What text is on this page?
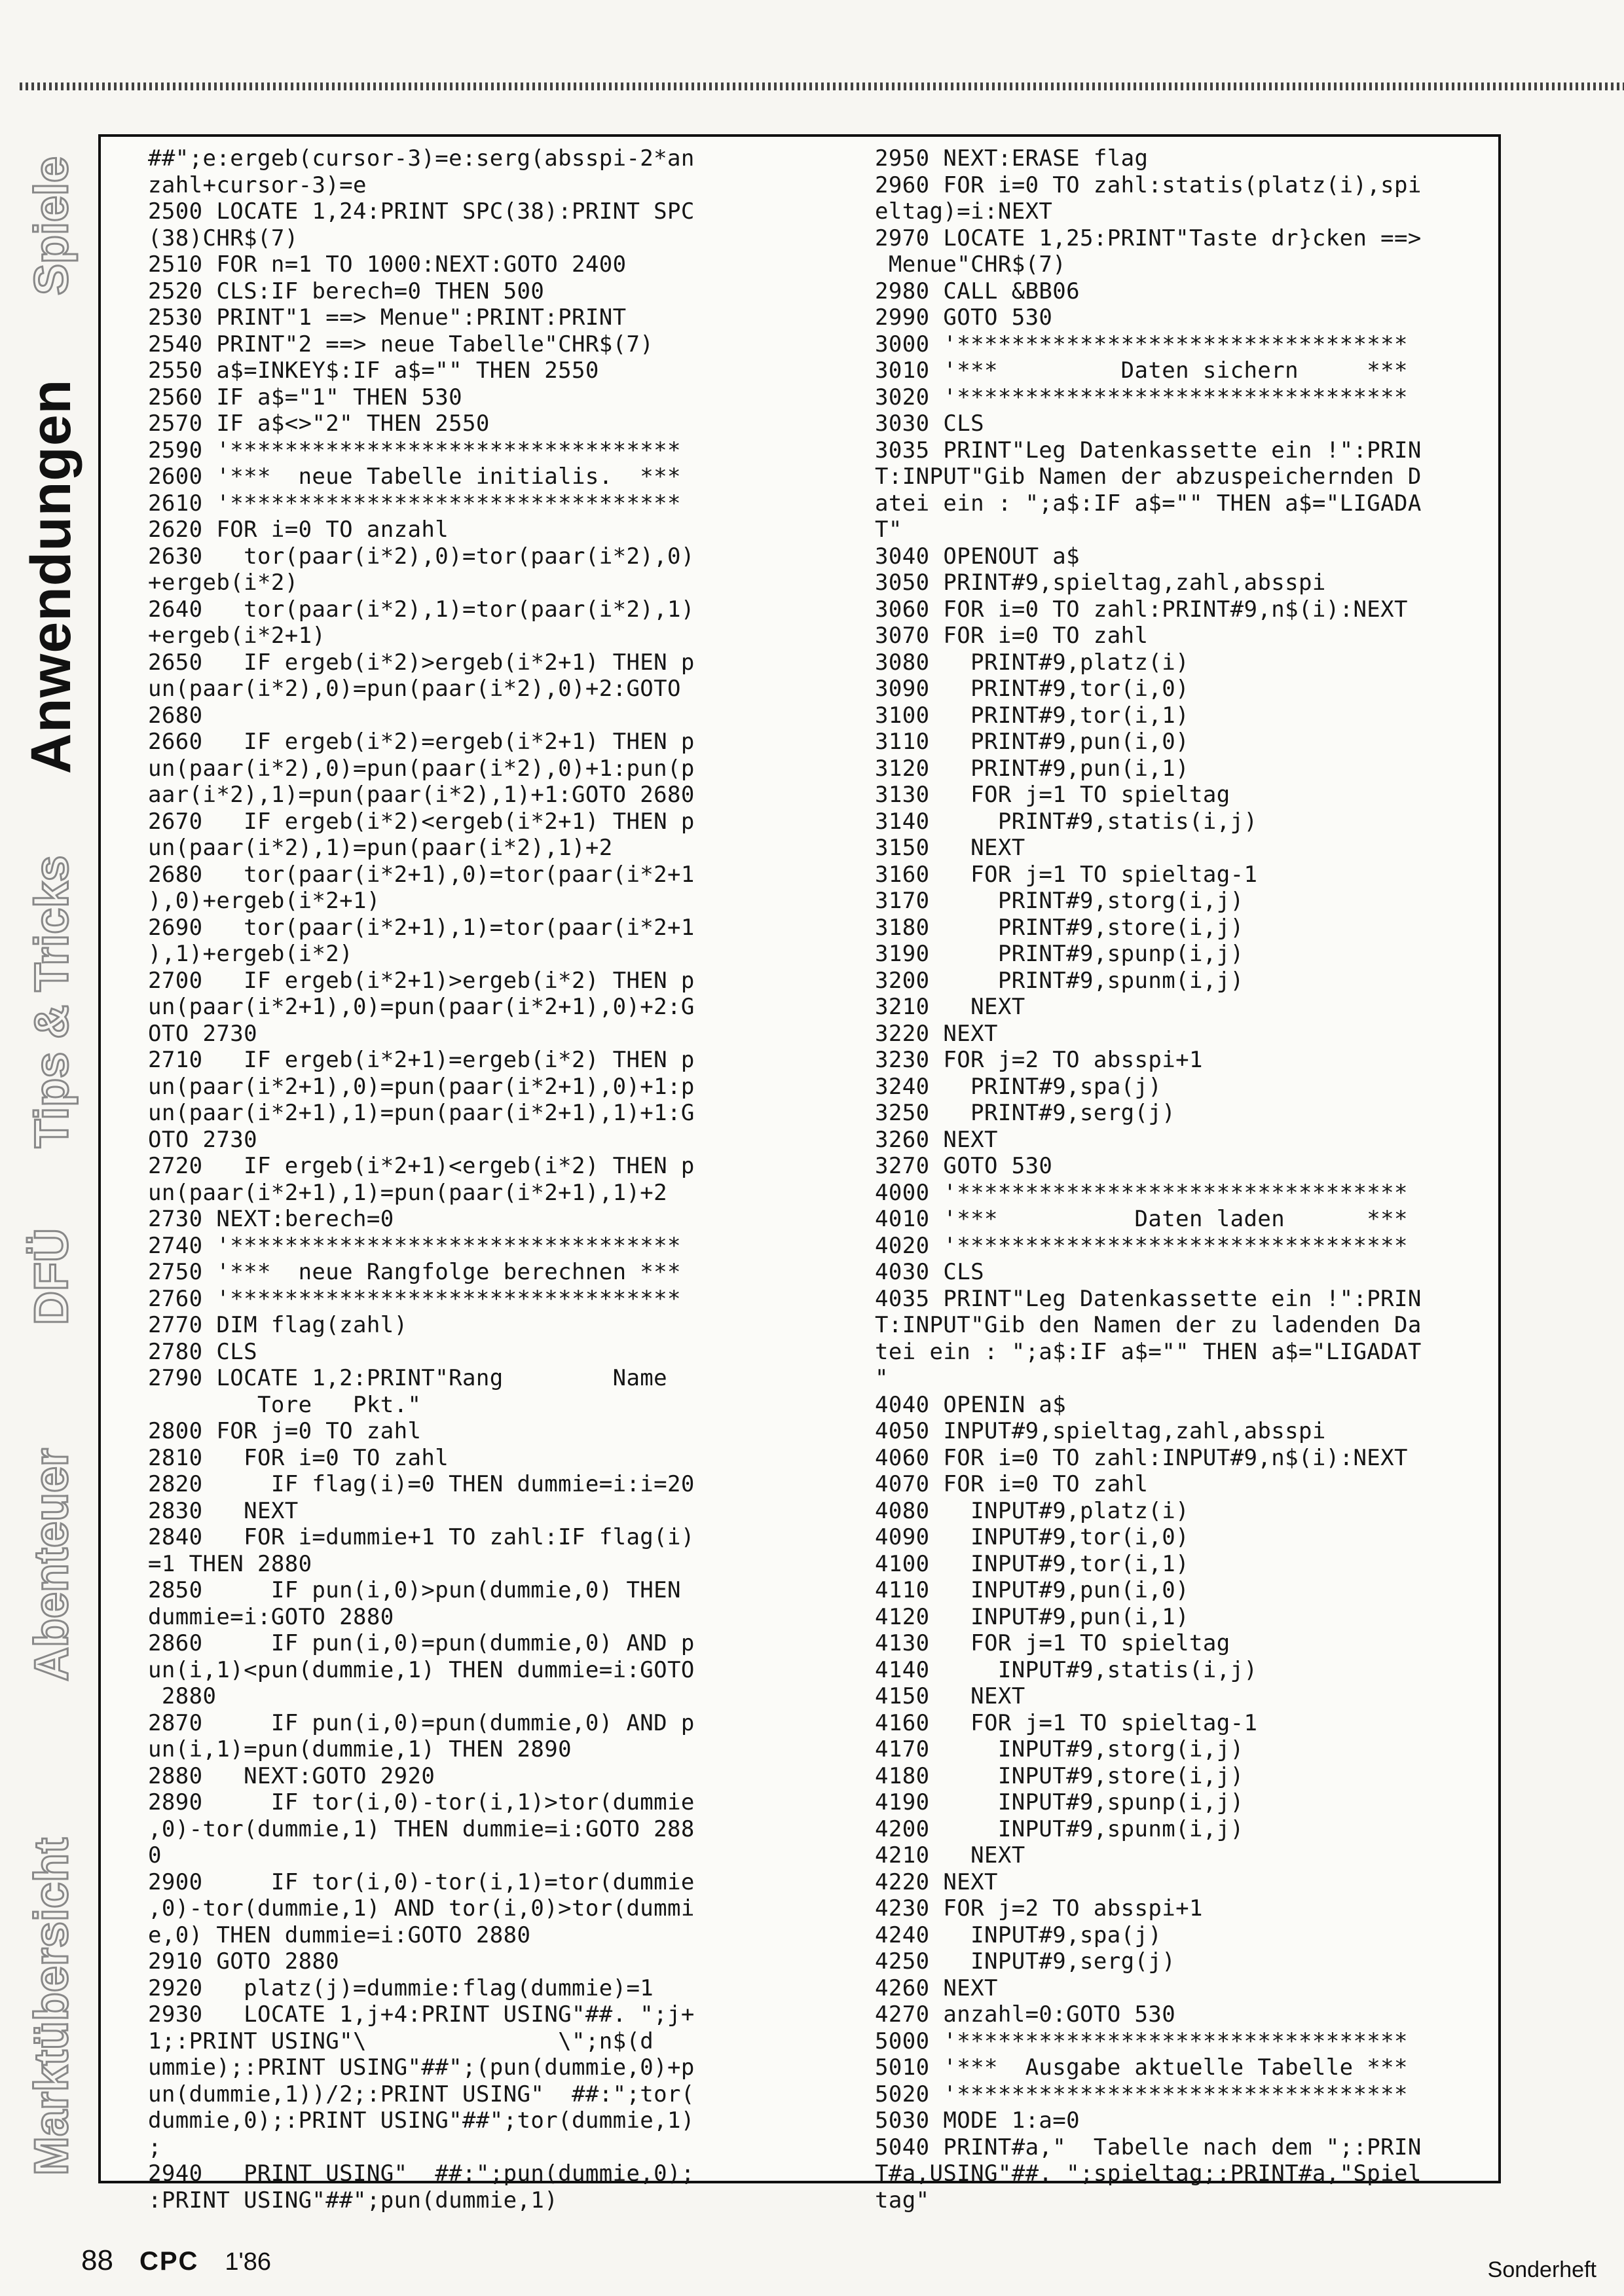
Spiele
Anwendungen
Tips & Tricks
DFÜ
Abenteuer
Marktübersicht
##";e:ergeb(cursor-3)=e:serg(absspi-2*an
zahl+cursor-3)=e
2500 LOCATE 1,24:PRINT SPC(38):PRINT SPC
(38)CHR$(7)
2510 FOR n=1 TO 1000:NEXT:GOTO 2400
2520 CLS:IF berech=0 THEN 500
2530 PRINT"1 ==> Menue":PRINT:PRINT
2540 PRINT"2 ==> neue Tabelle"CHR$(7)
2550 a$=INKEY$:IF a$="" THEN 2550
2560 IF a$="1" THEN 530
2570 IF a$<>"2" THEN 2550
2590 '*********************************
2600 '***  neue Tabelle initialis.  ***
2610 '*********************************
2620 FOR i=0 TO anzahl
2630   tor(paar(i*2),0)=tor(paar(i*2),0)
+ergeb(i*2)
2640   tor(paar(i*2),1)=tor(paar(i*2),1)
+ergeb(i*2+1)
2650   IF ergeb(i*2)>ergeb(i*2+1) THEN p
un(paar(i*2),0)=pun(paar(i*2),0)+2:GOTO
2680
2660   IF ergeb(i*2)=ergeb(i*2+1) THEN p
un(paar(i*2),0)=pun(paar(i*2),0)+1:pun(p
aar(i*2),1)=pun(paar(i*2),1)+1:GOTO 2680
2670   IF ergeb(i*2)<ergeb(i*2+1) THEN p
un(paar(i*2),1)=pun(paar(i*2),1)+2
2680   tor(paar(i*2+1),0)=tor(paar(i*2+1
),0)+ergeb(i*2+1)
2690   tor(paar(i*2+1),1)=tor(paar(i*2+1
),1)+ergeb(i*2)
2700   IF ergeb(i*2+1)>ergeb(i*2) THEN p
un(paar(i*2+1),0)=pun(paar(i*2+1),0)+2:G
OTO 2730
2710   IF ergeb(i*2+1)=ergeb(i*2) THEN p
un(paar(i*2+1),0)=pun(paar(i*2+1),0)+1:p
un(paar(i*2+1),1)=pun(paar(i*2+1),1)+1:G
OTO 2730
2720   IF ergeb(i*2+1)<ergeb(i*2) THEN p
un(paar(i*2+1),1)=pun(paar(i*2+1),1)+2
2730 NEXT:berech=0
2740 '*********************************
2750 '***  neue Rangfolge berechnen ***
2760 '*********************************
2770 DIM flag(zahl)
2780 CLS
2790 LOCATE 1,2:PRINT"Rang        Name
Tore   Pkt."
2800 FOR j=0 TO zahl
2810   FOR i=0 TO zahl
2820     IF flag(i)=0 THEN dummie=i:i=20
2830   NEXT
2840   FOR i=dummie+1 TO zahl:IF flag(i)
=1 THEN 2880
2850     IF pun(i,0)>pun(dummie,0) THEN
dummie=i:GOTO 2880
2860     IF pun(i,0)=pun(dummie,0) AND p
un(i,1)<pun(dummie,1) THEN dummie=i:GOTO
2880
2870     IF pun(i,0)=pun(dummie,0) AND p
un(i,1)=pun(dummie,1) THEN 2890
2880   NEXT:GOTO 2920
2890     IF tor(i,0)-tor(i,1)>tor(dummie
,0)-tor(dummie,1) THEN dummie=i:GOTO 288
0
2900     IF tor(i,0)-tor(i,1)=tor(dummie
,0)-tor(dummie,1) AND tor(i,0)>tor(dummi
e,0) THEN dummie=i:GOTO 2880
2910 GOTO 2880
2920   platz(j)=dummie:flag(dummie)=1
2930   LOCATE 1,j+4:PRINT USING"##. ";j+
1;:PRINT USING"\              \";n$(d
ummie);:PRINT USING"##";(pun(dummie,0)+p
un(dummie,1))/2;:PRINT USING"  ##:";tor(
dummie,0);:PRINT USING"##";tor(dummie,1)
;
2940   PRINT USING"  ##:";pun(dummie,0);
:PRINT USING"##";pun(dummie,1)
2950 NEXT:ERASE flag
2960 FOR i=0 TO zahl:statis(platz(i),spi
eltag)=i:NEXT
2970 LOCATE 1,25:PRINT"Taste dr}cken ==>
Menue"CHR$(7)
2980 CALL &BB06
2990 GOTO 530
3000 '*********************************
3010 '***         Daten sichern     ***
3020 '*********************************
3030 CLS
3035 PRINT"Leg Datenkassette ein !":PRIN
T:INPUT"Gib Namen der abzuspeichernden D
atei ein : ";a$:IF a$="" THEN a$="LIGADA
T"
3040 OPENOUT a$
3050 PRINT#9,spieltag,zahl,absspi
3060 FOR i=0 TO zahl:PRINT#9,n$(i):NEXT
3070 FOR i=0 TO zahl
3080   PRINT#9,platz(i)
3090   PRINT#9,tor(i,0)
3100   PRINT#9,tor(i,1)
3110   PRINT#9,pun(i,0)
3120   PRINT#9,pun(i,1)
3130   FOR j=1 TO spieltag
3140     PRINT#9,statis(i,j)
3150   NEXT
3160   FOR j=1 TO spieltag-1
3170     PRINT#9,storg(i,j)
3180     PRINT#9,store(i,j)
3190     PRINT#9,spunp(i,j)
3200     PRINT#9,spunm(i,j)
3210   NEXT
3220 NEXT
3230 FOR j=2 TO absspi+1
3240   PRINT#9,spa(j)
3250   PRINT#9,serg(j)
3260 NEXT
3270 GOTO 530
4000 '*********************************
4010 '***          Daten laden      ***
4020 '*********************************
4030 CLS
4035 PRINT"Leg Datenkassette ein !":PRIN
T:INPUT"Gib den Namen der zu ladenden Da
tei ein : ";a$:IF a$="" THEN a$="LIGADAT
"
4040 OPENIN a$
4050 INPUT#9,spieltag,zahl,absspi
4060 FOR i=0 TO zahl:INPUT#9,n$(i):NEXT
4070 FOR i=0 TO zahl
4080   INPUT#9,platz(i)
4090   INPUT#9,tor(i,0)
4100   INPUT#9,tor(i,1)
4110   INPUT#9,pun(i,0)
4120   INPUT#9,pun(i,1)
4130   FOR j=1 TO spieltag
4140     INPUT#9,statis(i,j)
4150   NEXT
4160   FOR j=1 TO spieltag-1
4170     INPUT#9,storg(i,j)
4180     INPUT#9,store(i,j)
4190     INPUT#9,spunp(i,j)
4200     INPUT#9,spunm(i,j)
4210   NEXT
4220 NEXT
4230 FOR j=2 TO absspi+1
4240   INPUT#9,spa(j)
4250   INPUT#9,serg(j)
4260 NEXT
4270 anzahl=0:GOTO 530
5000 '*********************************
5010 '***  Ausgabe aktuelle Tabelle ***
5020 '*********************************
5030 MODE 1:a=0
5040 PRINT#a,"  Tabelle nach dem ";:PRIN
T#a,USING"##. ";spieltag;:PRINT#a,"Spiel
tag"
88 CPC 1'86	Sonderheft
